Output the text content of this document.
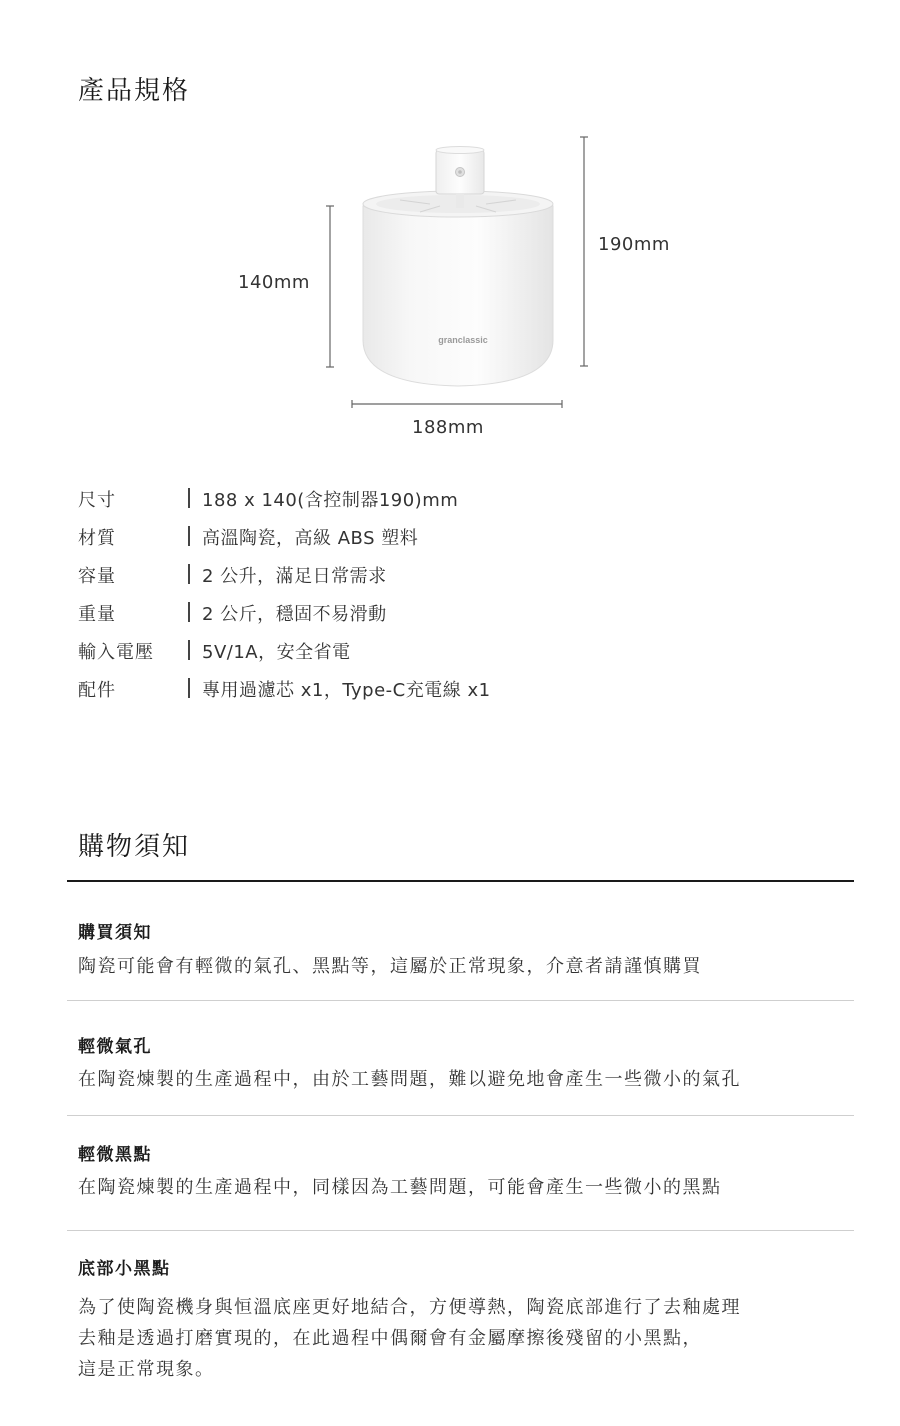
產品規格
granclassic
140mm
190mm
188mm
尺寸	188 x 140(含控制器190)mm
材質	高溫陶瓷，高級 ABS 塑料
容量	2 公升，滿足日常需求
重量	2 公斤，穩固不易滑動
輸入電壓	5V/1A，安全省電
配件	專用過濾芯 x1，Type-C充電線 x1
購物須知
購買須知
陶瓷可能會有輕微的氣孔、黑點等，這屬於正常現象，介意者請謹慎購買
輕微氣孔
在陶瓷煉製的生產過程中，由於工藝問題，難以避免地會產生一些微小的氣孔
輕微黑點
在陶瓷煉製的生產過程中，同樣因為工藝問題，可能會產生一些微小的黑點
底部小黑點
為了使陶瓷機身與恒溫底座更好地結合，方便導熱，陶瓷底部進行了去釉處理
去釉是透過打磨實現的，在此過程中偶爾會有金屬摩擦後殘留的小黑點，
這是正常現象。
